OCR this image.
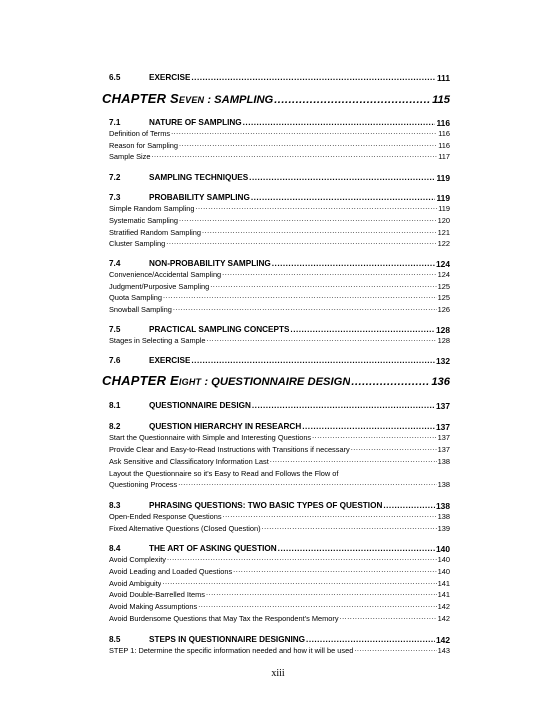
6.5	EXERCISE .....	111
CHAPTER Seven : SAMPLING .....	115
7.1	NATURE OF SAMPLING .....	116
Definition of Terms .....	116
Reason for Sampling .....	116
Sample Size .....	117
7.2	SAMPLING TECHNIQUES .....	119
7.3	PROBABILITY SAMPLING .....	119
Simple Random Sampling .....	119
Systematic Sampling .....	120
Stratified Random Sampling .....	121
Cluster Sampling .....	122
7.4	NON-PROBABILITY SAMPLING .....	124
Convenience/Accidental Sampling .....	124
Judgment/Purposive Sampling .....	125
Quota Sampling .....	125
Snowball Sampling .....	126
7.5	PRACTICAL SAMPLING CONCEPTS .....	128
Stages in Selecting a Sample .....	128
7.6	EXERCISE .....	132
CHAPTER Eight : QUESTIONNAIRE DESIGN .....	136
8.1	QUESTIONNAIRE DESIGN .....	137
8.2	QUESTION HIERARCHY IN RESEARCH .....	137
Start the Questionnaire with Simple and Interesting Questions .....	137
Provide Clear and Easy-to-Read Instructions with Transitions if necessary .....	137
Ask Sensitive and Classificatory Information Last .....	138
Layout the Questionnaire so it's Easy to Read and Follows the Flow of
Questioning Process .....	138
8.3	PHRASING QUESTIONS: TWO BASIC TYPES OF QUESTION .....	138
Open-Ended Response Questions .....	138
Fixed Alternative Questions (Closed Question) .....	139
8.4	THE ART OF ASKING QUESTION .....	140
Avoid Complexity .....	140
Avoid Leading and Loaded Questions .....	140
Avoid Ambiguity .....	141
Avoid Double-Barrelled Items .....	141
Avoid Making Assumptions .....	142
Avoid Burdensome Questions that May Tax the Respondent's Memory .....	142
8.5	STEPS IN QUESTIONNAIRE DESIGNING .....	142
STEP 1: Determine the specific information needed and how it will be used .....	143
xiii
